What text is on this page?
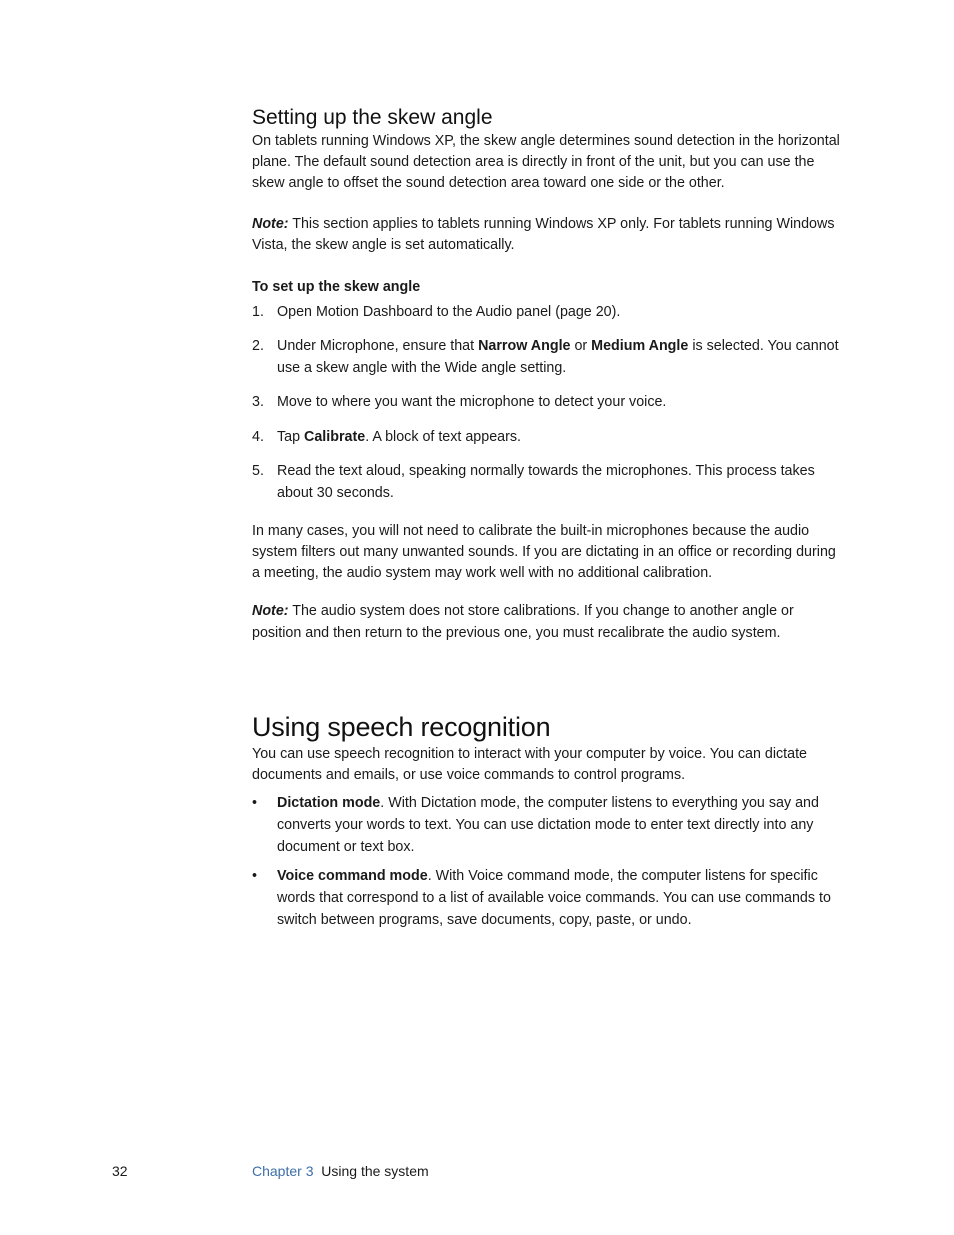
Setting up the skew angle

On tablets running Windows XP, the skew angle determines sound detection in the horizontal plane. The default sound detection area is directly in front of the unit, but you can use the skew angle to offset the sound detection area toward one side or the other.

Note: This section applies to tablets running Windows XP only. For tablets running Windows Vista, the skew angle is set automatically.

To set up the skew angle

1. Open Motion Dashboard to the Audio panel (page 20).
2. Under Microphone, ensure that Narrow Angle or Medium Angle is selected. You cannot use a skew angle with the Wide angle setting.
3. Move to where you want the microphone to detect your voice.
4. Tap Calibrate. A block of text appears.
5. Read the text aloud, speaking normally towards the microphones. This process takes about 30 seconds.

In many cases, you will not need to calibrate the built-in microphones because the audio system filters out many unwanted sounds. If you are dictating in an office or recording during a meeting, the audio system may work well with no additional calibration.

Note: The audio system does not store calibrations. If you change to another angle or position and then return to the previous one, you must recalibrate the audio system.

Using speech recognition

You can use speech recognition to interact with your computer by voice. You can dictate documents and emails, or use voice commands to control programs.

• Dictation mode. With Dictation mode, the computer listens to everything you say and converts your words to text. You can use dictation mode to enter text directly into any document or text box.
• Voice command mode. With Voice command mode, the computer listens for specific words that correspond to a list of available voice commands. You can use commands to switch between programs, save documents, copy, paste, or undo.
32	Chapter 3 Using the system
